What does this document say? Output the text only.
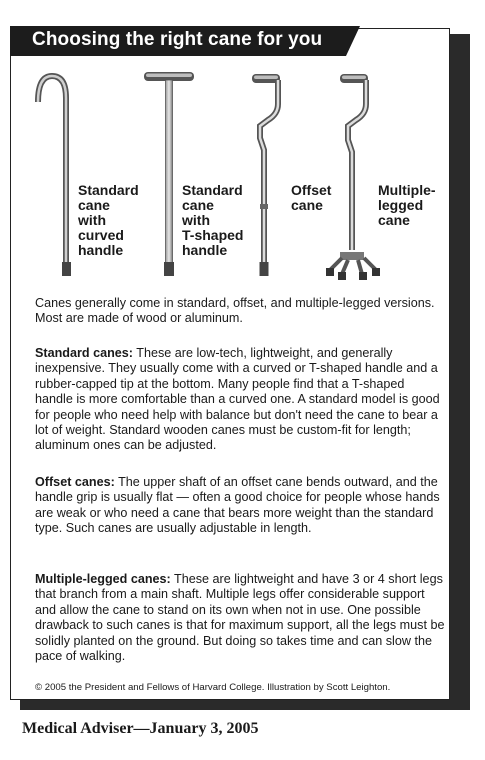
Choosing the right cane for you
Standard
cane
with
curved
handle
Standard
cane
with
T-shaped
handle
Offset
cane
Multiple-
legged
cane
Canes generally come in standard, offset, and multiple-legged versions. Most are made of wood or aluminum.
Standard canes: These are low-tech, lightweight, and generally inexpensive. They usually come with a curved or T-shaped handle and a rubber-capped tip at the bottom. Many people find that a T-shaped handle is more comfortable than a curved one. A standard model is good for people who need help with balance but don't need the cane to bear a lot of weight. Standard wooden canes must be custom-fit for length; aluminum ones can be adjusted.
Offset canes: The upper shaft of an offset cane bends outward, and the handle grip is usually flat — often a good choice for people whose hands are weak or who need a cane that bears more weight than the standard type. Such canes are usually adjustable in length.
Multiple-legged canes: These are lightweight and have 3 or 4 short legs that branch from a main shaft. Multiple legs offer considerable support and allow the cane to stand on its own when not in use. One possible drawback to such canes is that for maximum support, all the legs must be solidly planted on the ground. But doing so takes time and can slow the pace of walking.
© 2005 the President and Fellows of Harvard College. Illustration by Scott Leighton.
Medical Adviser—January 3, 2005
